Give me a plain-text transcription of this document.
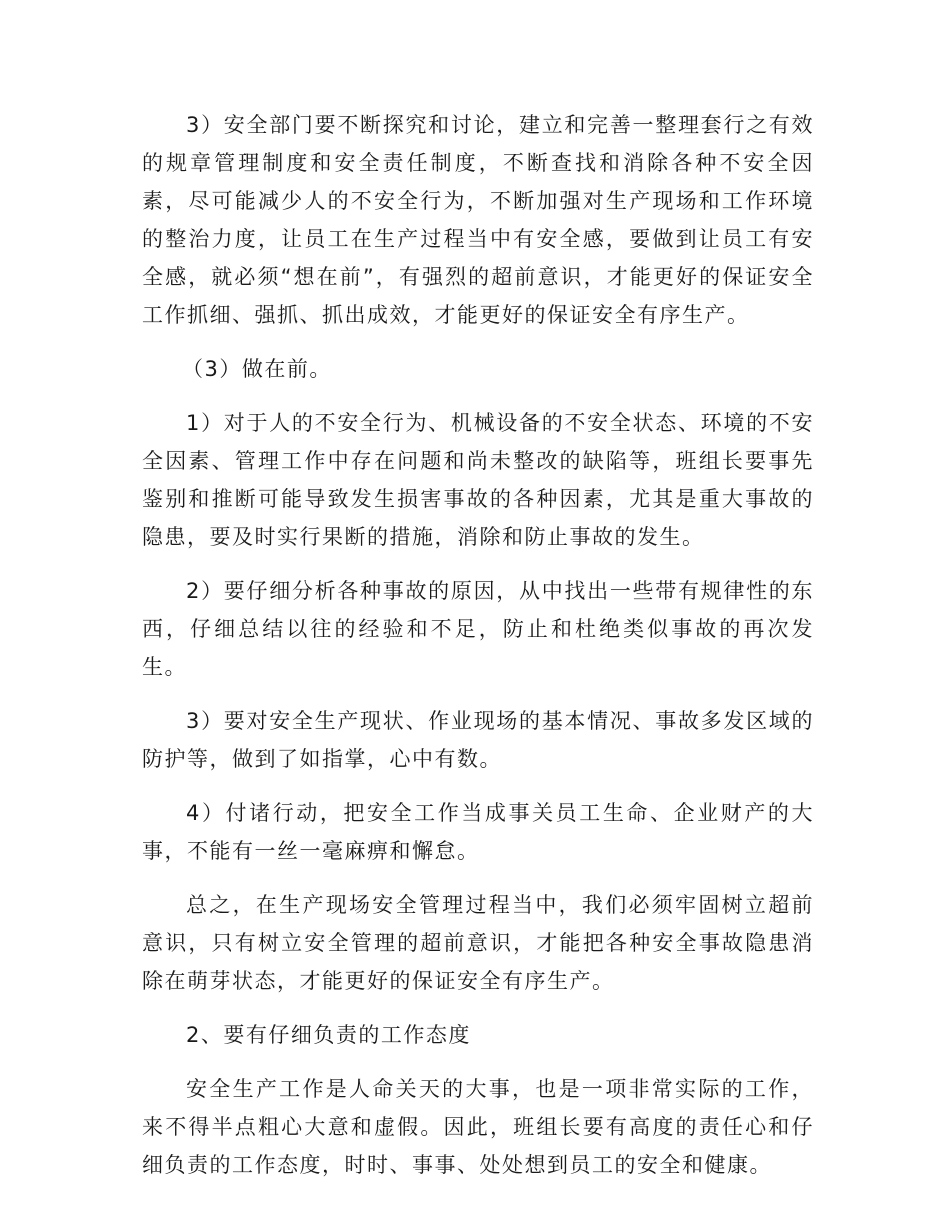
3）安全部门要不断探究和讨论，建立和完善一整理套行之有效的规章管理制度和安全责任制度，不断查找和消除各种不安全因素，尽可能减少人的不安全行为，不断加强对生产现场和工作环境的整治力度，让员工在生产过程当中有安全感，要做到让员工有安全感，就必须“想在前”，有强烈的超前意识，才能更好的保证安全工作抓细、强抓、抓出成效，才能更好的保证安全有序生产。

（3）做在前。

1）对于人的不安全行为、机械设备的不安全状态、环境的不安全因素、管理工作中存在问题和尚未整改的缺陷等，班组长要事先鉴别和推断可能导致发生损害事故的各种因素，尤其是重大事故的隐患，要及时实行果断的措施，消除和防止事故的发生。

2）要仔细分析各种事故的原因，从中找出一些带有规律性的东西，仔细总结以往的经验和不足，防止和杜绝类似事故的再次发生。

3）要对安全生产现状、作业现场的基本情况、事故多发区域的防护等，做到了如指掌，心中有数。

4）付诸行动，把安全工作当成事关员工生命、企业财产的大事，不能有一丝一毫麻痹和懈怠。

总之，在生产现场安全管理过程当中，我们必须牢固树立超前意识，只有树立安全管理的超前意识，才能把各种安全事故隐患消除在萌芽状态，才能更好的保证安全有序生产。

2、要有仔细负责的工作态度

安全生产工作是人命关天的大事，也是一项非常实际的工作，来不得半点粗心大意和虚假。因此，班组长要有高度的责任心和仔细负责的工作态度，时时、事事、处处想到员工的安全和健康。
